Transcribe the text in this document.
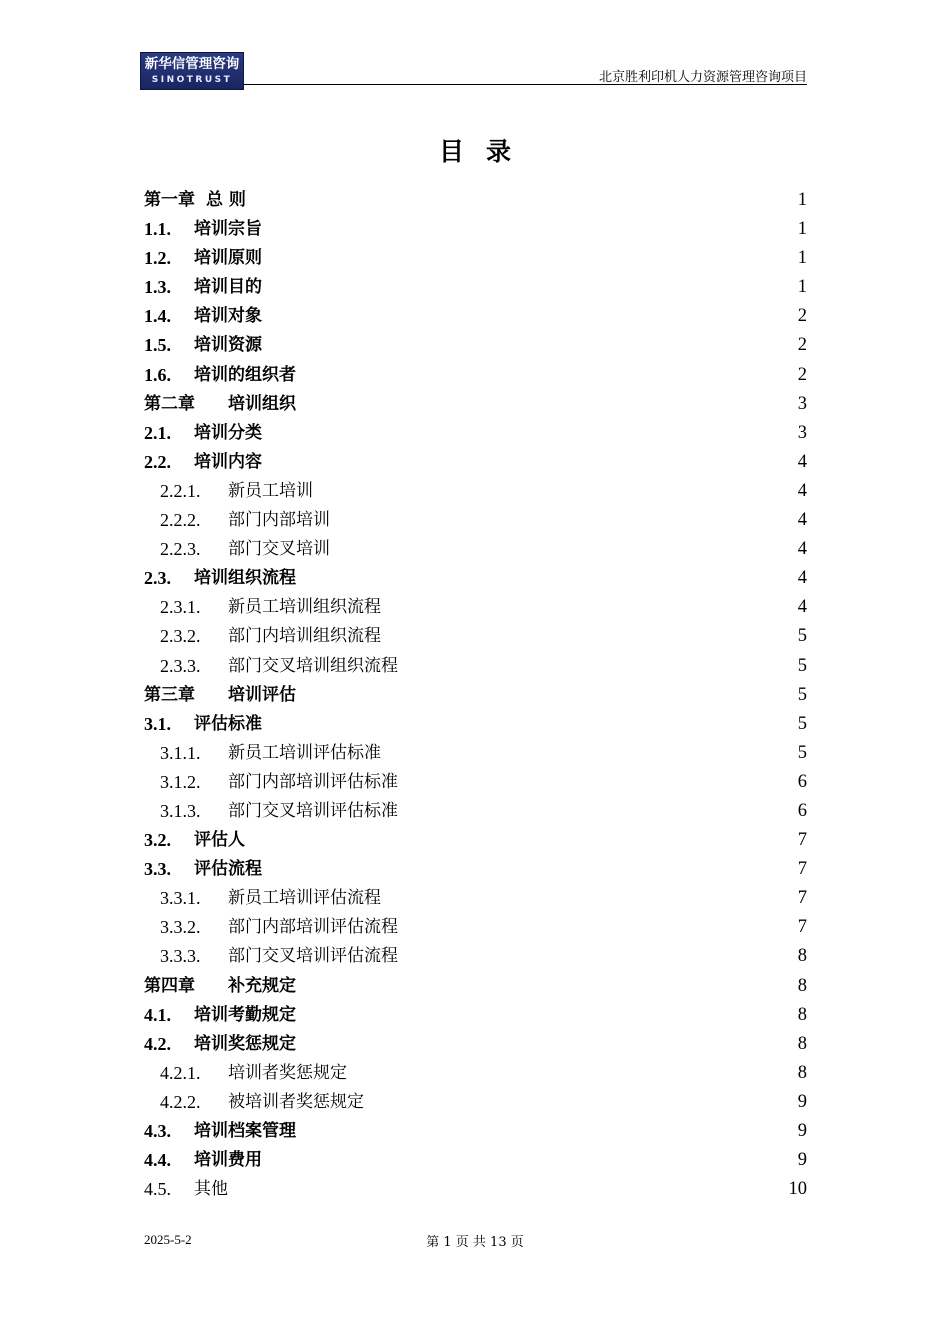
新华信管理咨询
SINOTRUST	北京胜利印机人力资源管理咨询项目
目录
第一章 总 则	1
1.1. 培训宗旨	1
1.2. 培训原则	1
1.3. 培训目的	1
1.4. 培训对象	2
1.5. 培训资源	2
1.6. 培训的组织者	2
第二章 培训组织	3
2.1. 培训分类	3
2.2. 培训内容	4
2.2.1. 新员工培训	4
2.2.2. 部门内部培训	4
2.2.3. 部门交叉培训	4
2.3. 培训组织流程	4
2.3.1. 新员工培训组织流程	4
2.3.2. 部门内培训组织流程	5
2.3.3. 部门交叉培训组织流程	5
第三章 培训评估	5
3.1. 评估标准	5
3.1.1. 新员工培训评估标准	5
3.1.2. 部门内部培训评估标准	6
3.1.3. 部门交叉培训评估标准	6
3.2. 评估人	7
3.3. 评估流程	7
3.3.1. 新员工培训评估流程	7
3.3.2. 部门内部培训评估流程	7
3.3.3. 部门交叉培训评估流程	8
第四章 补充规定	8
4.1. 培训考勤规定	8
4.2. 培训奖惩规定	8
4.2.1. 培训者奖惩规定	8
4.2.2. 被培训者奖惩规定	9
4.3. 培训档案管理	9
4.4. 培训费用	9
4.5. 其他	10
2025-5-2	第 1 页 共 13 页
